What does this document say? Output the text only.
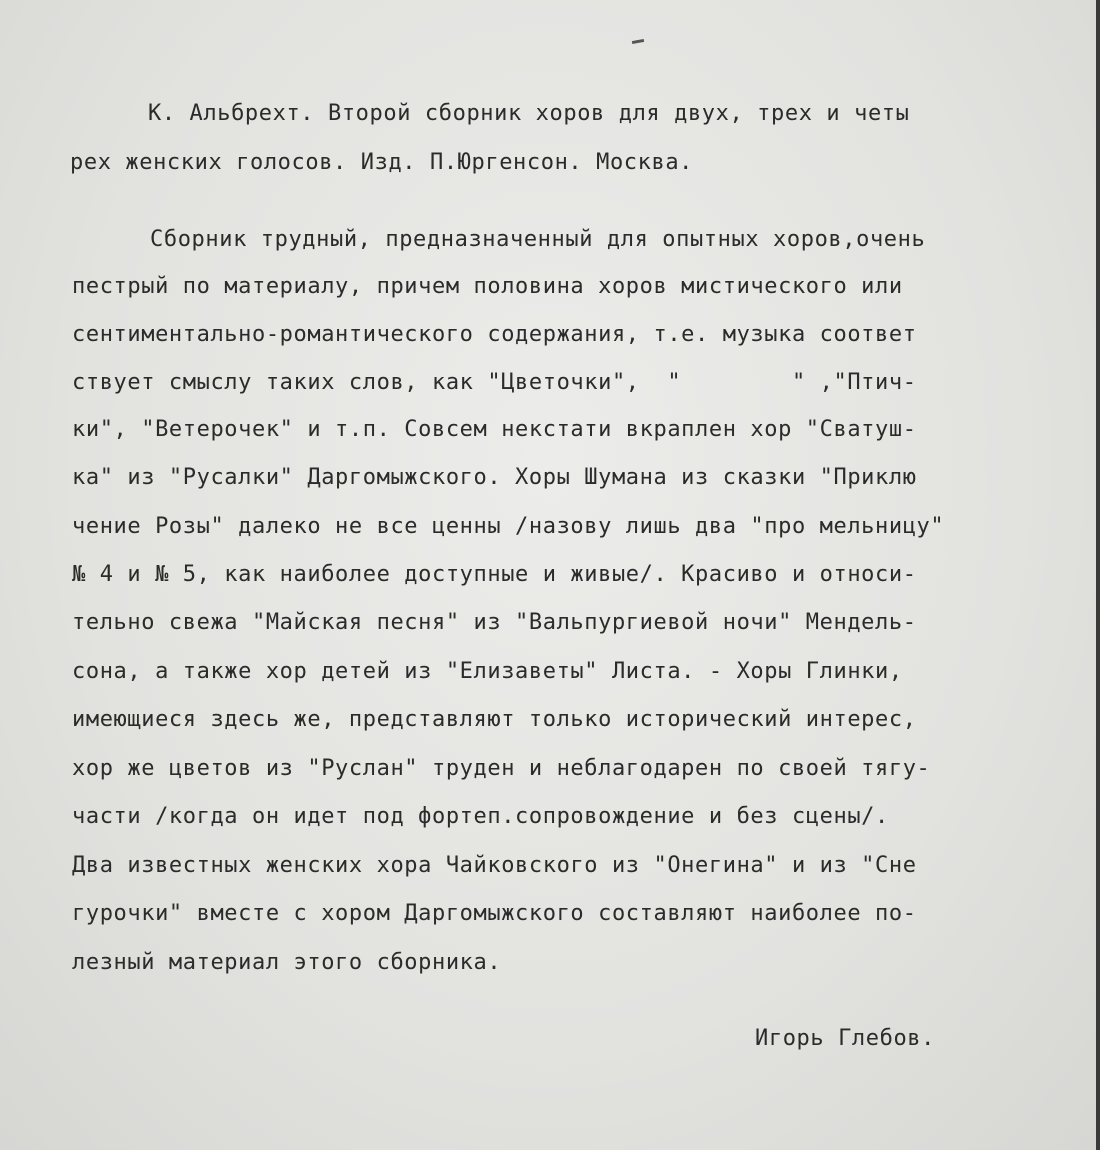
К. Альбрехт. Второй сборник хоров для двух, трех и четы

рех женских голосов. Изд. П.Юргенсон. Москва.

Сборник трудный, предназначенный для опытных хоров,очень

пестрый по материалу, причем половина хоров мистического или

сентиментально-романтического содержания, т.е. музыка соответ

ствует смыслу таких слов, как "Цветочки",  "        " ,"Птич-

ки", "Ветерочек" и т.п. Совсем некстати вкраплен хор "Сватуш-

ка" из "Русалки" Даргомыжского. Хоры Шумана из сказки "Приклю

чение Розы" далеко не все ценны /назову лишь два "про мельницу"

№ 4 и № 5, как наиболее доступные и живые/. Красиво и относи-

тельно свежа "Майская песня" из "Вальпургиевой ночи" Мендель-

сона, а также хор детей из "Елизаветы" Листа. - Хоры Глинки,

имеющиеся здесь же, представляют только исторический интерес,

хор же цветов из "Руслан" труден и неблагодарен по своей тягу-

части /когда он идет под фортеп.сопровождение и без сцены/.

Два известных женских хора Чайковского из "Онегина" и из "Сне

гурочки" вместе с хором Даргомыжского составляют наиболее по-

лезный материал этого сборника.

Игорь Глебов.
